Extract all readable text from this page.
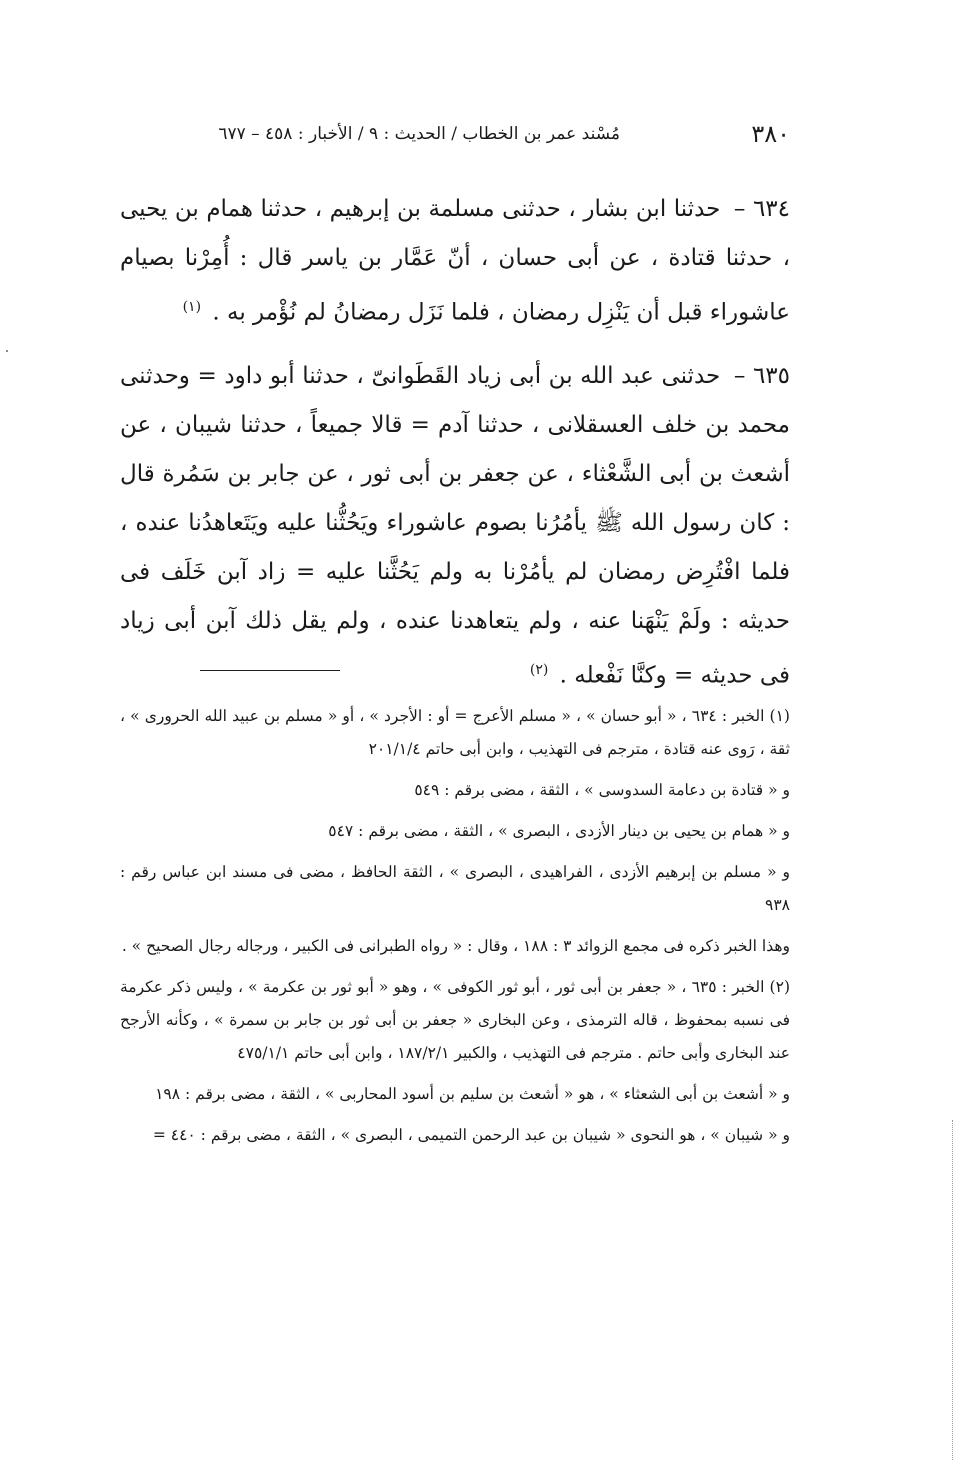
٣٨٠
مُسْند عمر بن الخطاب / الحديث : ٩ / الأخبار : ٤٥٨ – ٦٧٧

٦٣٤ – حدثنا ابن بشار ، حدثنى مسلمة بن إبرهيم ، حدثنا همام بن يحيى ، حدثنا قتادة ، عن أبى حسان ، أنّ عَمَّار بن ياسر قال : أُمِرْنا بصيام عاشوراء قبل أن يَنْزِل رمضان ، فلما نَزَل رمضانُ لم نُؤْمر به . $^{(١)}$

٦٣٥ – حدثنى عبد الله بن أبى زياد القَطَوانىّ ، حدثنا أبو داود = وحدثنى محمد بن خلف العسقلانى ، حدثنا آدم = قالا جميعاً ، حدثنا شيبان ، عن أشعث بن أبى الشَّعْثاء ، عن جعفر بن أبى ثور ، عن جابر بن سَمُرة قال : كان رسول الله ﷺ يأمُرُنا بصوم عاشوراء ويَحُثُّنا عليه ويَتَعاهدُنا عنده ، فلما افْتُرِض رمضان لم يأمُرْنا به ولم يَحُثَّنا عليه = زاد آبن خَلَف فى حديثه : ولَمْ يَنْهَنا عنه ، ولم يتعاهدنا عنده ، ولم يقل ذلك آبن أبى زياد فى حديثه = وكنَّا نَفْعله . $^{(٢)}$

(١) الخبر : ٦٣٤ ، « أبو حسان » ، « مسلم الأعرج = أو : الأجرد » ، أو « مسلم بن عبيد الله الحرورى » ، ثقة ، رَوى عنه قتادة ، مترجم فى التهذيب ، وابن أبى حاتم ٢٠١/١/٤

و « قتادة بن دعامة السدوسى » ، الثقة ، مضى برقم : ٥٤٩

و « همام بن يحيى بن دينار الأزدى ، البصرى » ، الثقة ، مضى برقم : ٥٤٧

و « مسلم بن إبرهيم الأزدى ، الفراهيدى ، البصرى » ، الثقة الحافظ ، مضى فى مسند ابن عباس رقم : ٩٣٨

وهذا الخبر ذكره فى مجمع الزوائد ٣ : ١٨٨ ، وقال : « رواه الطبرانى فى الكبير ، ورجاله رجال الصحيح » .

(٢) الخبر : ٦٣٥ ، « جعفر بن أبى ثور ، أبو ثور الكوفى » ، وهو « أبو ثور بن عكرمة » ، وليس ذكر عكرمة فى نسبه بمحفوظ ، قاله الترمذى ، وعن البخارى « جعفر بن أبى ثور بن جابر بن سمرة » ، وكأنه الأرجح عند البخارى وأبى حاتم . مترجم فى التهذيب ، والكبير ١٨٧/٢/١ ، وابن أبى حاتم ٤٧٥/١/١

و « أشعث بن أبى الشعثاء » ، هو « أشعث بن سليم بن أسود المحاربى » ، الثقة ، مضى برقم : ١٩٨

و « شيبان » ، هو النحوى « شيبان بن عبد الرحمن التميمى ، البصرى » ، الثقة ، مضى برقم : ٤٤٠ =
